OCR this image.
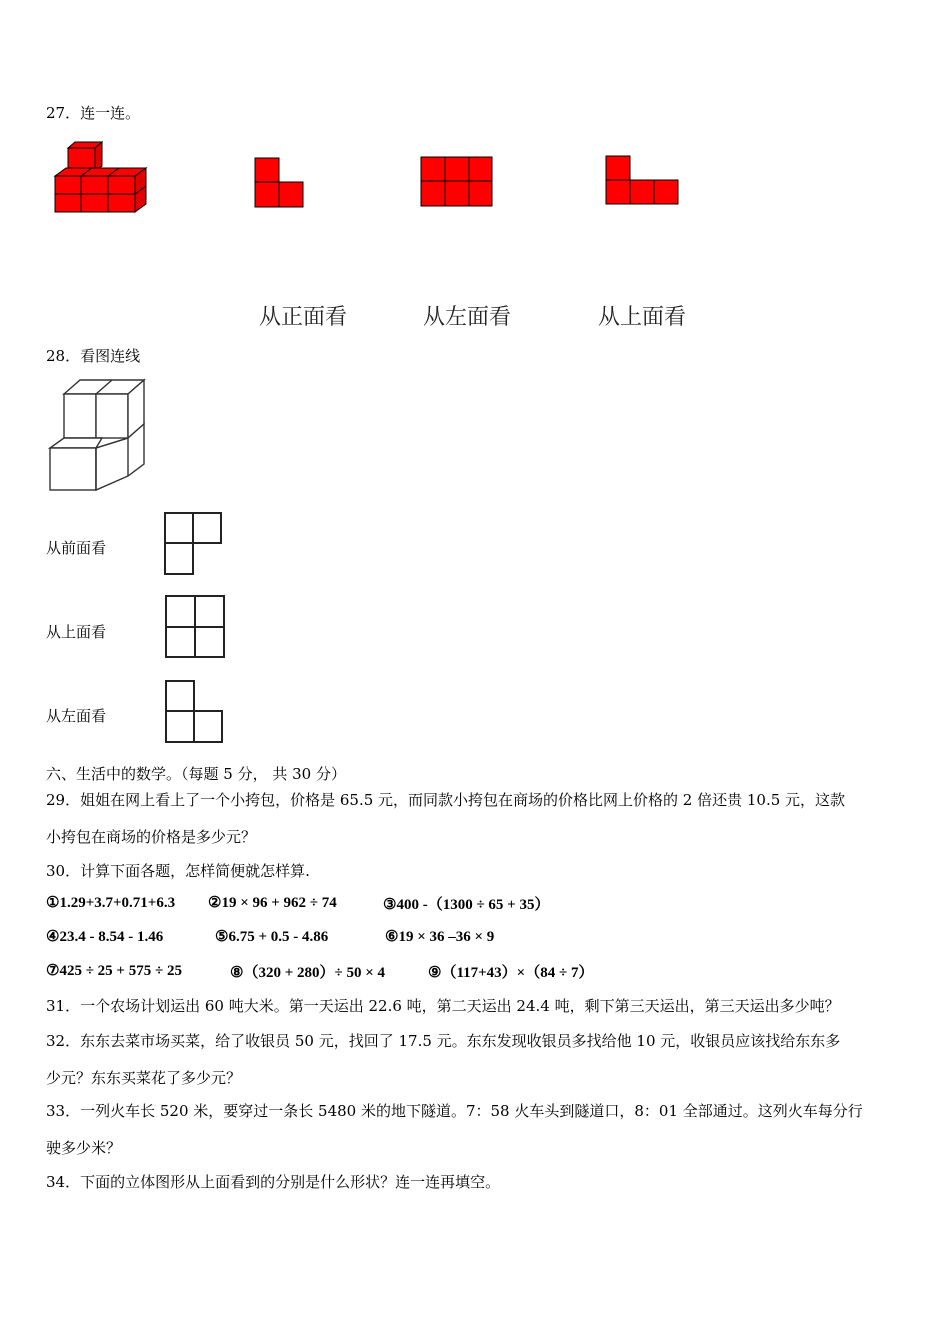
27．连一连。
从正面看	从左面看	从上面看
28．看图连线
从前面看
从上面看
从左面看
六、生活中的数学。（每题 5 分， 共 30 分）
29．姐姐在网上看上了一个小挎包，价格是 65.5 元，而同款小挎包在商场的价格比网上价格的 2 倍还贵 10.5 元，这款
小挎包在商场的价格是多少元？
30．计算下面各题，怎样简便就怎样算.
①1.29+3.7+0.71+6.3 ②19 × 96 + 962 ÷ 74	③400 -（1300 ÷ 65 + 35）
④23.4 - 8.54 - 1.46	⑤6.75 + 0.5 - 4.86	⑥19 × 36 –36 × 9
⑦425 ÷ 25 + 575 ÷ 25	⑧（320 + 280）÷ 50 × 4	⑨（117+43）×（84 ÷ 7）
31．一个农场计划运出 60 吨大米。第一天运出 22.6 吨，第二天运出 24.4 吨，剩下第三天运出，第三天运出多少吨？
32．东东去菜市场买菜，给了收银员 50 元，找回了 17.5 元。东东发现收银员多找给他 10 元，收银员应该找给东东多
少元？东东买菜花了多少元？
33．一列火车长 520 米，要穿过一条长 5480 米的地下隧道。7：58 火车头到隧道口，8：01 全部通过。这列火车每分行
驶多少米？
34．下面的立体图形从上面看到的分别是什么形状？连一连再填空。
